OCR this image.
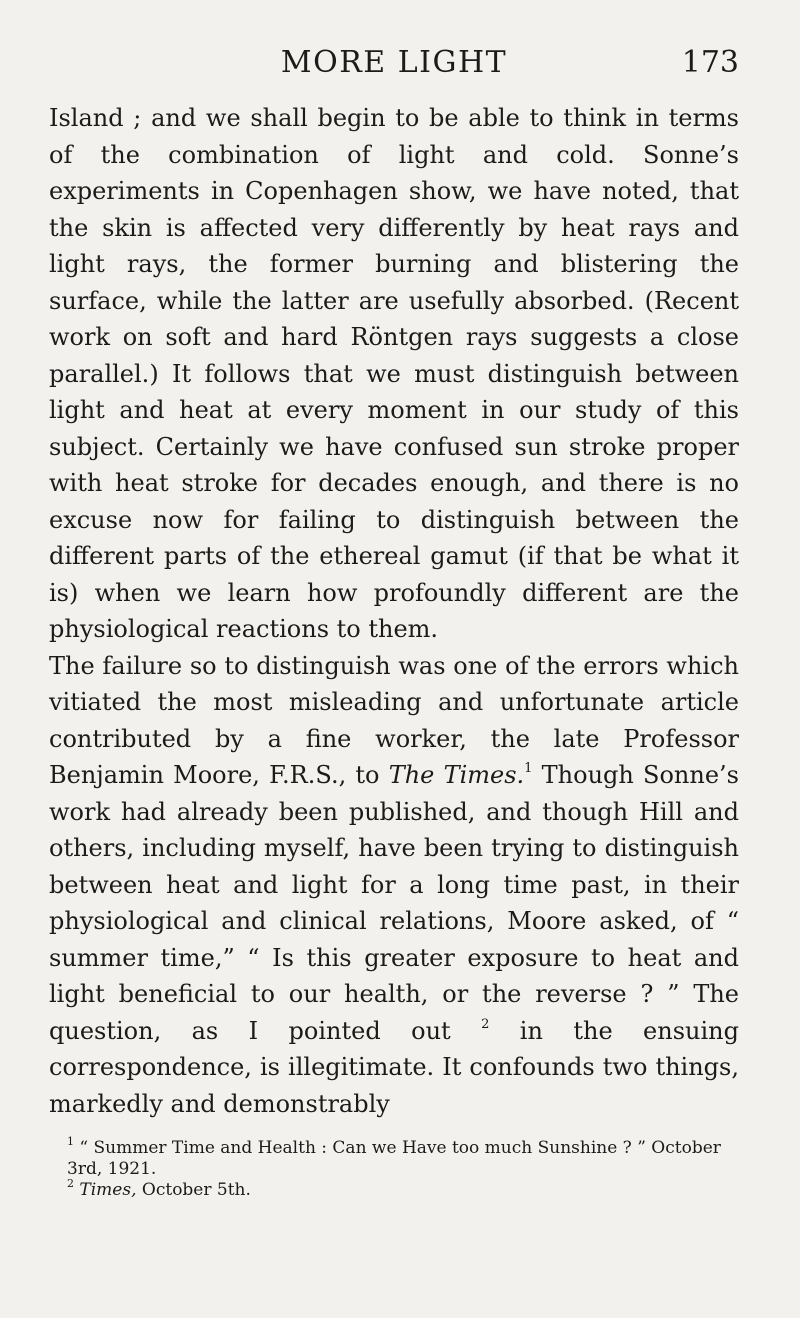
MORE LIGHT	173

Island ; and we shall begin to be able to think in terms of the combination of light and cold. Sonne’s experiments in Copenhagen show, we have noted, that the skin is affected very differently by heat rays and light rays, the former burning and blistering the surface, while the latter are usefully absorbed. (Recent work on soft and hard Röntgen rays suggests a close parallel.) It follows that we must distinguish between light and heat at every moment in our study of this subject. Certainly we have confused sun stroke proper with heat stroke for decades enough, and there is no excuse now for failing to distinguish between the different parts of the ethereal gamut (if that be what it is) when we learn how profoundly different are the physiological reactions to them.

The failure so to distinguish was one of the errors which vitiated the most misleading and unfortunate article contributed by a fine worker, the late Professor Benjamin Moore, F.R.S., to The Times.$^1$ Though Sonne’s work had already been published, and though Hill and others, including myself, have been trying to distinguish between heat and light for a long time past, in their physiological and clinical relations, Moore asked, of “ summer time,” “ Is this greater exposure to heat and light beneficial to our health, or the reverse ? ” The question, as I pointed out $^2$ in the ensuing correspondence, is illegitimate. It confounds two things, markedly and demonstrably

$^1$ “ Summer Time and Health : Can we Have too much Sunshine ? ” October 3rd, 1921.

$^2$ Times, October 5th.
